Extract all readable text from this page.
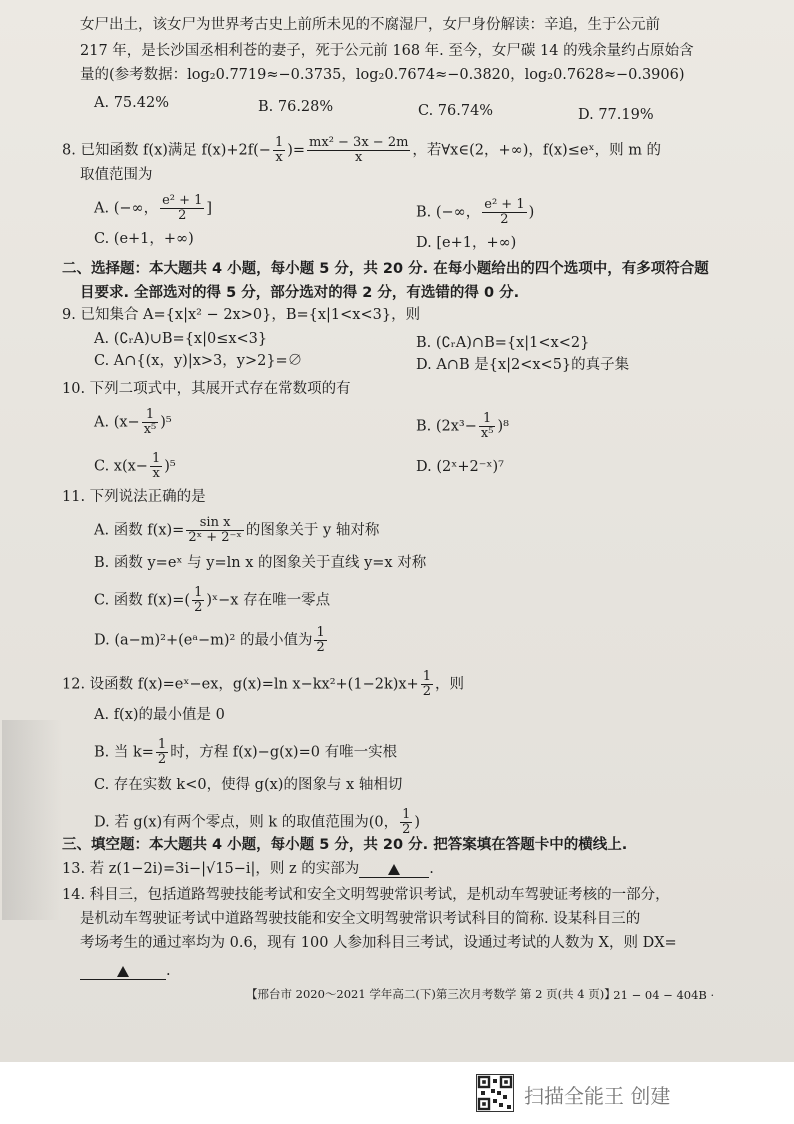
女尸出土，该女尸为世界考古史上前所未见的不腐湿尸，女尸身份解读：辛追，生于公元前
217 年，是长沙国丞相利苍的妻子，死于公元前 168 年. 至今，女尸碳 14 的残余量约占原始含
量的(参考数据：log₂0.7719≈−0.3735，log₂0.7674≈−0.3820，log₂0.7628≈−0.3906)
A. 75.42%	B. 76.28%	C. 76.74%	D. 77.19%
8. 已知函数 f(x)满足 $f(x)+2f(- \frac{1}{x}$ )= $\frac{\text{mx² − 3x − 2m}}{x}$ ，若∀x∈(2，+∞)，f(x)≤eˣ，则 m 的
取值范围为
A. (−∞， $\frac{\text{e² + 1}}{2}$ ]	B. (−∞， $\frac{\text{e² + 1}}{2}$ )
C. (e+1，+∞)	D. [e+1，+∞)
二、选择题：本大题共 4 小题，每小题 5 分，共 20 分. 在每小题给出的四个选项中，有多项符合题
目要求. 全部选对的得 5 分，部分选对的得 2 分，有选错的得 0 分.
9. 已知集合 A={x|x² − 2x>0}，B={x|1<x<3}，则
A. (∁ᵣA)∪B={x|0≤x<3}	B. (∁ᵣA)∩B={x|1<x<2}
C. A∩{(x，y)|x>3，y>2}=∅	D. A∩B 是{x|2<x<5}的真子集
10. 下列二项式中，其展开式存在常数项的有
A. $(x- \frac{1}{\text{x⁵}} )^5$	B. $(2x^3- \frac{1}{\text{x⁵}} )^8$
C. $x(x- \frac{1}{x} )^5$	D. (2ˣ+2⁻ˣ)⁷
11. 下列说法正确的是
A. 函数 $f(x)= \frac{\text{sin x}}{\text{2ˣ + 2⁻ˣ}}$ 的图象关于 y 轴对称
B. 函数 y=eˣ 与 y=ln x 的图象关于直线 y=x 对称
C. 函数 $f(x)=( \frac{1}{2}$ )ˣ−x 存在唯一零点
D. (a−m)²+(eᵃ−m)² 的最小值为 $\frac{1}{2}$
12. 设函数 f(x)=eˣ−ex，g(x)=ln $x-kx^2+(1-2k)x+ \frac{1}{2}$ ，则
A. f(x)的最小值是 0
B. 当 $k= \frac{1}{2}$ 时，方程 f(x)−g(x)=0 有唯一实根
C. 存在实数 k<0，使得 g(x)的图象与 x 轴相切
D. 若 g(x)有两个零点，则 k 的取值范围为(0， $\frac{1}{2}$ )
三、填空题：本大题共 4 小题，每小题 5 分，共 20 分. 把答案填在答题卡中的横线上.
13. 若 z(1−2i)=3i−|√15−i|，则 z 的实部为	.
14. 科目三，包括道路驾驶技能考试和安全文明驾驶常识考试，是机动车驾驶证考核的一部分，
是机动车驾驶证考试中道路驾驶技能和安全文明驾驶常识考试科目的简称. 设某科目三的
考场考生的通过率均为 0.6，现有 100 人参加科目三考试，设通过考试的人数为 X，则 DX=
.
【邢台市 2020～2021 学年高二(下)第三次月考数学 第 2 页(共 4 页)】
· 21 − 04 − 404B ·
扫描全能王 创建
